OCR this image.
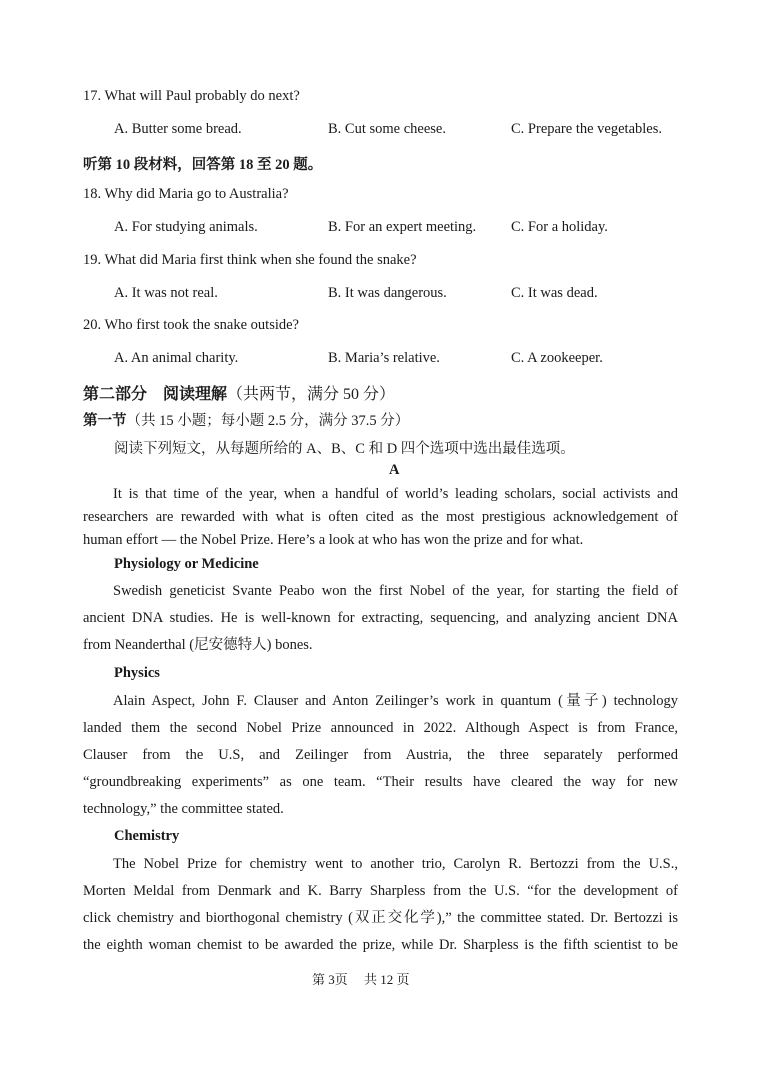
17. What will Paul probably do next?
A. Butter some bread.	B. Cut some cheese.	C. Prepare the vegetables.
听第 10 段材料，回答第 18 至 20 题。
18. Why did Maria go to Australia?
A. For studying animals.	B. For an expert meeting. C. For a holiday.
19. What did Maria first think when she found the snake?
A. It was not real.	B. It was dangerous.	C. It was dead.
20. Who first took the snake outside?
A. An animal charity.	B. Maria’s relative.	C. A zookeeper.
第二部分　阅读理解（共两节，满分 50 分）
第一节（共 15 小题；每小题 2.5 分，满分 37.5 分）
阅读下列短文，从每题所给的 A、B、C 和 D 四个选项中选出最佳选项。
A
It is that time of the year, when a handful of world’s leading scholars, social activists and
researchers are rewarded with what is often cited as the most prestigious acknowledgement of
human effort — the Nobel Prize. Here’s a look at who has won the prize and for what.
Physiology or Medicine
Swedish geneticist Svante Peabo won the first Nobel of the year, for starting the field of
ancient DNA studies. He is well-known for extracting, sequencing, and analyzing ancient DNA
from Neanderthal (尼安德特人) bones.
Physics
Alain Aspect, John F. Clauser and Anton Zeilinger’s work in quantum (量子) technology
landed them the second Nobel Prize announced in 2022. Although Aspect is from France,
Clauser from the U.S, and Zeilinger from Austria, the three separately performed
“groundbreaking experiments” as one team. “Their results have cleared the way for new
technology,” the committee stated.
Chemistry
The Nobel Prize for chemistry went to another trio, Carolyn R. Bertozzi from the U.S.,
Morten Meldal from Denmark and K. Barry Sharpless from the U.S. “for the development of
click chemistry and biorthogonal chemistry (双正交化学),” the committee stated. Dr. Bertozzi is
the eighth woman chemist to be awarded the prize, while Dr. Sharpless is the fifth scientist to be
第 3页 共 12 页
